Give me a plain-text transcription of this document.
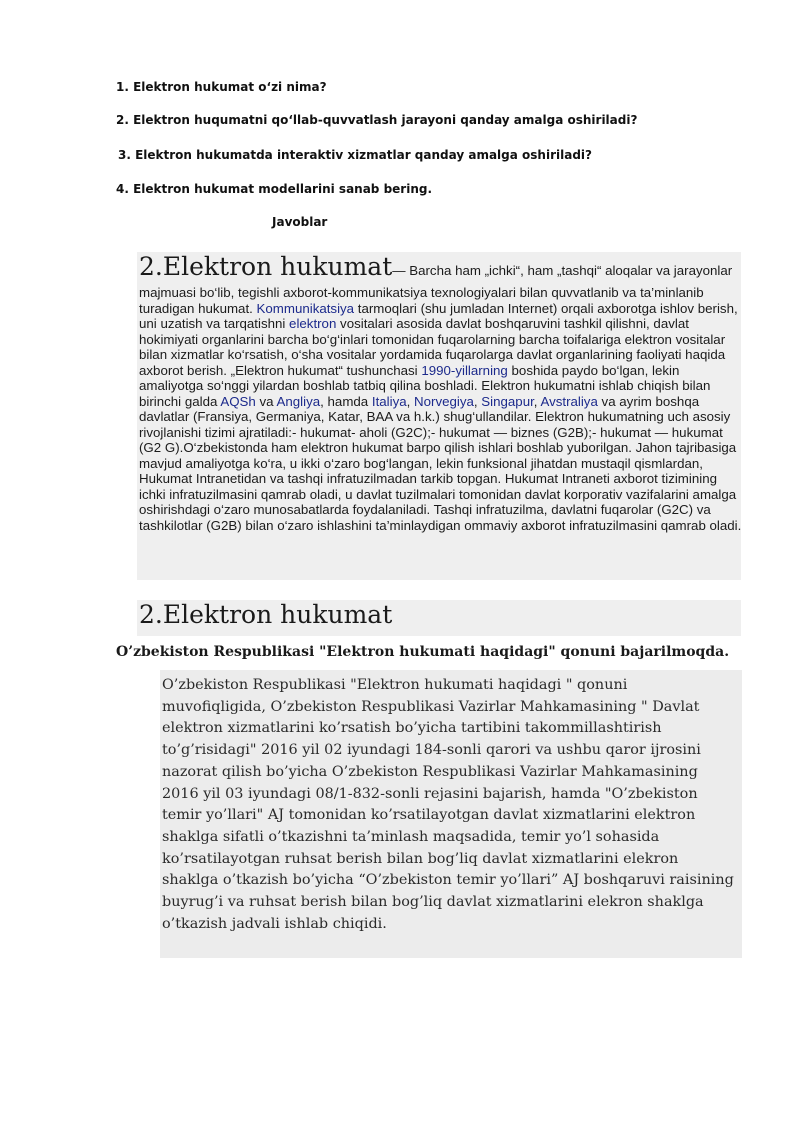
1. Elektron hukumat o‘zi nima?
2. Elektron huqumatni qo‘llab-quvvatlash jarayoni qanday amalga oshiriladi?
3. Elektron hukumatda interaktiv xizmatlar qanday amalga oshiriladi?
4. Elektron hukumat modellarini sanab bering.
Javoblar
2.Elektron hukumat— Barcha ham „ichki“, ham „tashqi“ aloqalar va jarayonlar majmuasi bo‘lib, tegishli axborot-kommunikatsiya texnologiyalari bilan quvvatlanib va ta’minlanib turadigan hukumat. Kommunikatsiya tarmoqlari (shu jumladan Internet) orqali axborotga ishlov berish, uni uzatish va tarqatishni elektron vositalari asosida davlat boshqaruvini tashkil qilishni, davlat hokimiyati organlarini barcha bo‘g‘inlari tomonidan fuqarolarning barcha toifalariga elektron vositalar bilan xizmatlar ko‘rsatish, o‘sha vositalar yordamida fuqarolarga davlat organlarining faoliyati haqida axborot berish. „Elektron hukumat“ tushunchasi 1990-yillarning boshida paydo bo‘lgan, lekin amaliyotga so‘nggi yilardan boshlab tatbiq qilina boshladi. Elektron hukumatni ishlab chiqish bilan birinchi galda AQSh va Angliya, hamda Italiya, Norvegiya, Singapur, Avstraliya va ayrim boshqa davlatlar (Fransiya, Germaniya, Katar, BAA va h.k.) shug‘ullandilar. Elektron hukumatning uch asosiy rivojlanishi tizimi ajratiladi:- hukumat- aholi (G2C);- hukumat — biznes (G2B);- hukumat — hukumat (G2 G).O‘zbekistonda ham elektron hukumat barpo qilish ishlari boshlab yuborilgan. Jahon tajribasiga mavjud amaliyotga ko‘ra, u ikki o‘zaro bog‘langan, lekin funksional jihatdan mustaqil qismlardan, Hukumat Intranetidan va tashqi infratuzilmadan tarkib topgan. Hukumat Intraneti axborot tizimining ichki infratuzilmasini qamrab oladi, u davlat tuzilmalari tomonidan davlat korporativ vazifalarini amalga oshirishdagi o‘zaro munosabatlarda foydalaniladi. Tashqi infratuzilma, davlatni fuqarolar (G2C) va tashkilotlar (G2B) bilan o‘zaro ishlashini ta’minlaydigan ommaviy axborot infratuzilmasini qamrab oladi.
2.Elektron hukumat
O’zbekiston Respublikasi "Elektron hukumati haqidagi" qonuni bajarilmoqda.
O’zbekiston Respublikasi "Elektron hukumati haqidagi " qonuni muvofiqligida, O’zbekiston Respublikasi Vazirlar Mahkamasining " Davlat elektron xizmatlarini ko’rsatish bo’yicha tartibini takommillashtirish to’g’risidagi" 2016 yil 02 iyundagi 184-sonli qarori va ushbu qaror ijrosini nazorat qilish bo’yicha O’zbekiston Respublikasi Vazirlar Mahkamasining 2016 yil 03 iyundagi 08/1-832-sonli rejasini bajarish, hamda "O’zbekiston temir yo’llari" AJ tomonidan ko’rsatilayotgan davlat xizmatlarini elektron shaklga sifatli o’tkazishni ta’minlash maqsadida, temir yo’l sohasida ko’rsatilayotgan ruhsat berish bilan bog’liq davlat xizmatlarini elekron shaklga o’tkazish bo’yicha “O’zbekiston temir yo’llari” AJ boshqaruvi raisining buyrug’i va ruhsat berish bilan bog’liq davlat xizmatlarini elekron shaklga o’tkazish jadvali ishlab chiqidi.
